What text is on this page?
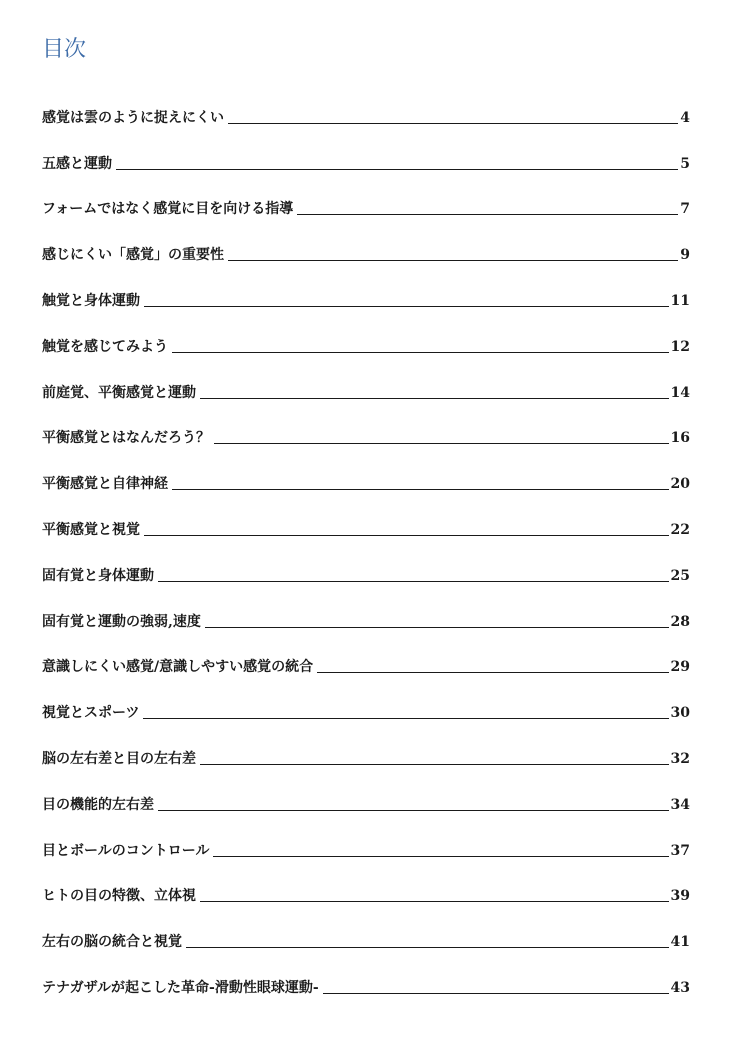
目次
感覚は雲のように捉えにくい	4
五感と運動	5
フォームではなく感覚に目を向ける指導	7
感じにくい「感覚」の重要性	9
触覚と身体運動	11
触覚を感じてみよう	12
前庭覚、平衡感覚と運動	14
平衡感覚とはなんだろう？	16
平衡感覚と自律神経	20
平衡感覚と視覚	22
固有覚と身体運動	25
固有覚と運動の強弱,速度	28
意識しにくい感覚/意識しやすい感覚の統合	29
視覚とスポーツ	30
脳の左右差と目の左右差	32
目の機能的左右差	34
目とボールのコントロール	37
ヒトの目の特徴、立体視	39
左右の脳の統合と視覚	41
テナガザルが起こした革命-滑動性眼球運動-	43
